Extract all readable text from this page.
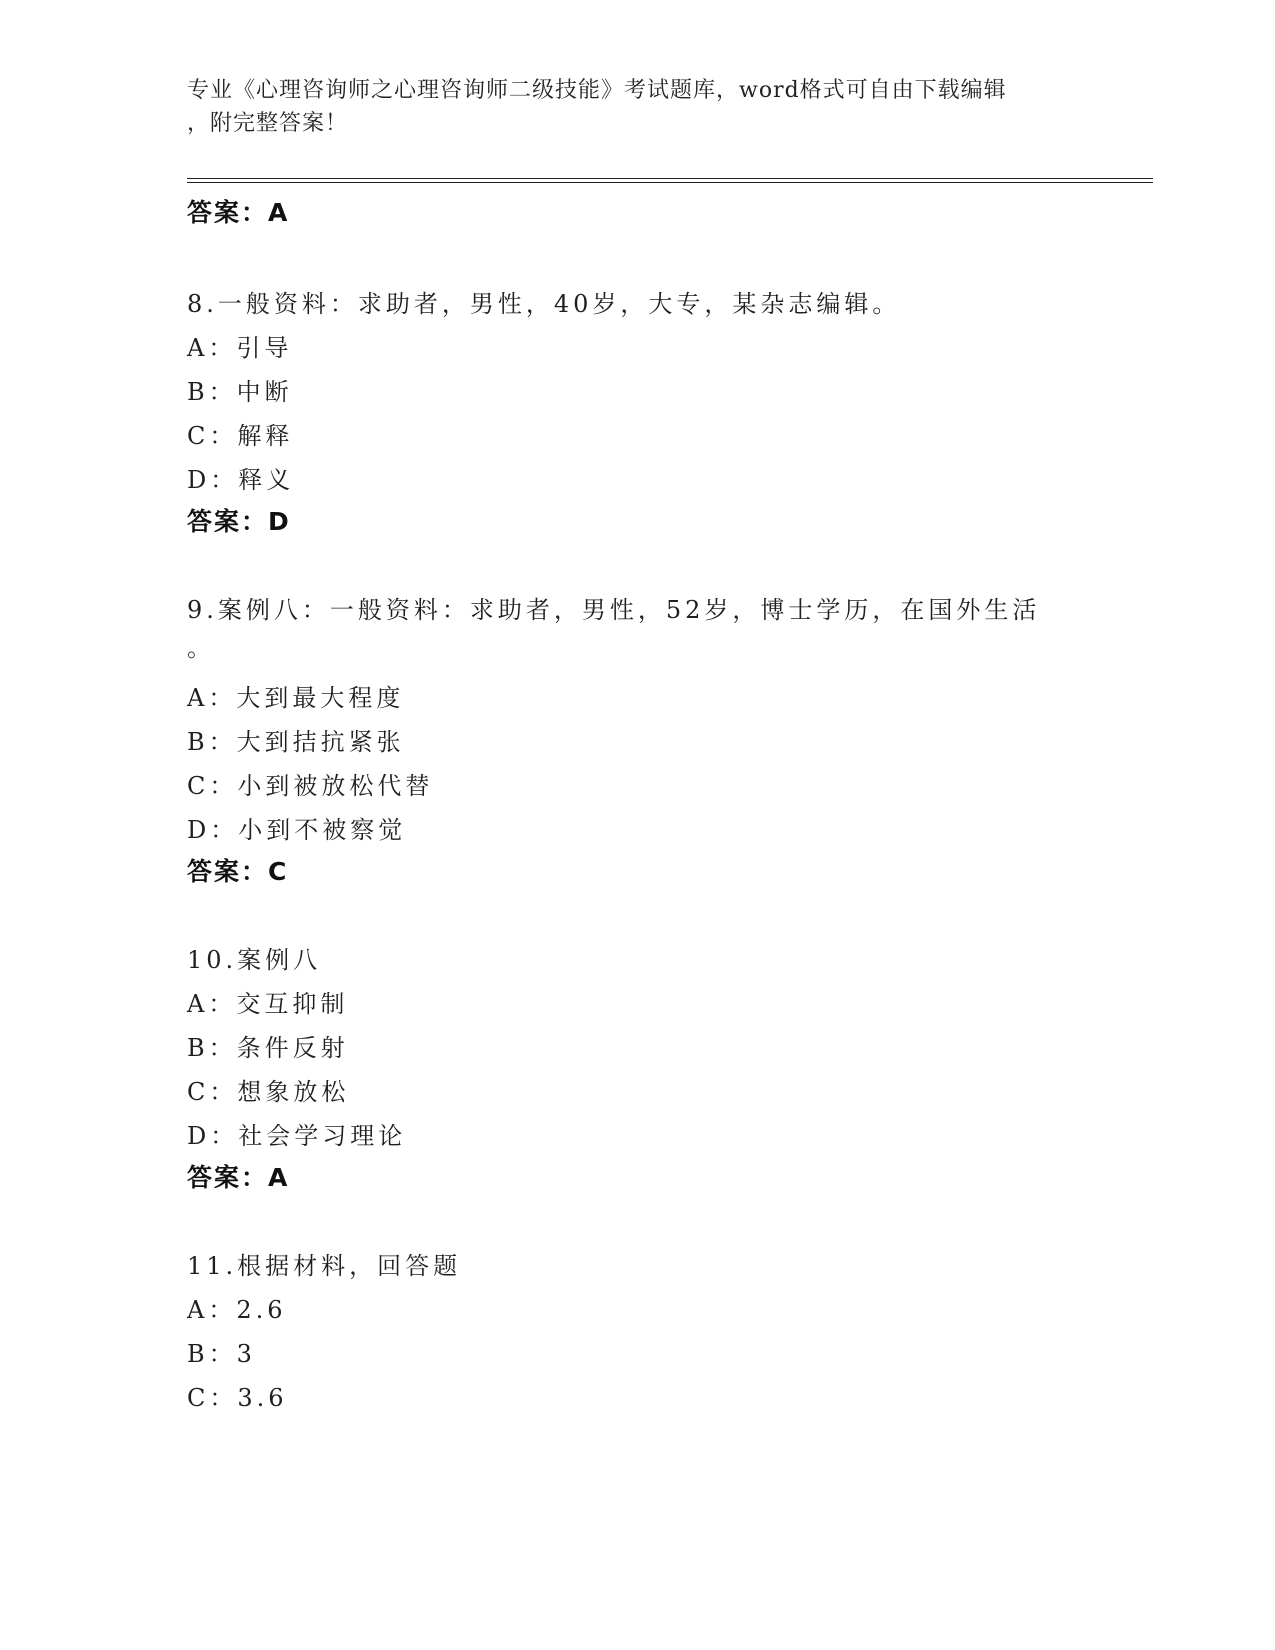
专业《心理咨询师之心理咨询师二级技能》考试题库，word格式可自由下载编辑
，附完整答案！
答案：A
8.一般资料：求助者，男性，40岁，大专，某杂志编辑。
A：引导
B：中断
C：解释
D：释义
答案：D
9.案例八：一般资料：求助者，男性，52岁，博士学历，在国外生活
。
A：大到最大程度
B：大到拮抗紧张
C：小到被放松代替
D：小到不被察觉
答案：C
10.案例八
A：交互抑制
B：条件反射
C：想象放松
D：社会学习理论
答案：A
11.根据材料，回答题
A：2.6
B：3
C：3.6
